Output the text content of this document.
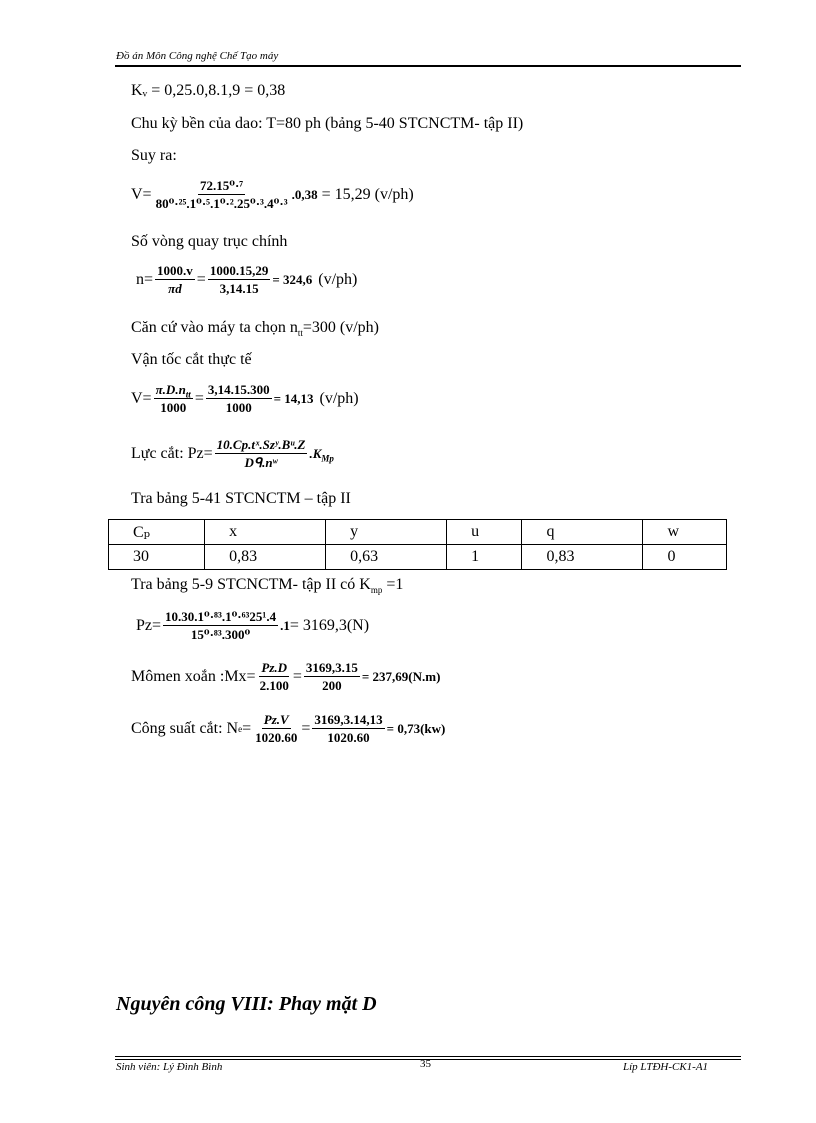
Đồ án Môn Công nghệ Chế Tạo máy
Kᵥ = 0,25.0,8.1,9 = 0,38
Chu kỳ bền của dao: T=80 ph (bảng 5-40 STCNCTM- tập II)
Suy ra:
$V= \frac{\text{72.15⁰·⁷}}{\text{80⁰·²⁵.1⁰·⁵.1⁰·².25⁰·³.4⁰·³}} .0,38 = 15,29$ (v/ph)
Số vòng quay trục chính
$n= \frac{1000.v}{\pi d} = \frac{1000.15,29}{3,14.15} = 324,6$ (v/ph)
Căn cứ vào máy ta chọn $n_{tt}=300$ (v/ph)
Vận tốc cắt thực tế
$V= \frac{\pi.D.n_{tt}}{1000} = \frac{3,14.15.300}{1000} = 14,13$ (v/ph)
Lực cắt: $Pz= \frac{\text{10.Cp.tˣ.Szʸ.Bᵘ.Z}}{\text{Dᑫ.nʷ}} .K_{Mp}$
Tra bảng 5-41 STCNCTM – tập II
Cₚ	x	y	u	q	w
30	0,83	0,63	1	0,83	0
Tra bảng 5-9 STCNCTM- tập II có $K_{mp} =1$
$Pz= \frac{\text{10.30.1⁰·⁸³.1⁰·⁶³25¹.4}}{\text{15⁰·⁸³.300⁰}} .1 = 3169,3(N)$
Mômen xoắn :Mx= $\frac{Pz.D}{2.100} = \frac{3169,3.15}{200} = 237,69(N.m)$
Công suất cắt: N $e = \frac{Pz.V}{1020.60} = \frac{3169,3.14,13}{1020.60} = 0,73(kw)$
Nguyên công VIII: Phay mặt D
Sinh viên: Lý Đình Bình	35	Líp LTĐH-CK1-A1
